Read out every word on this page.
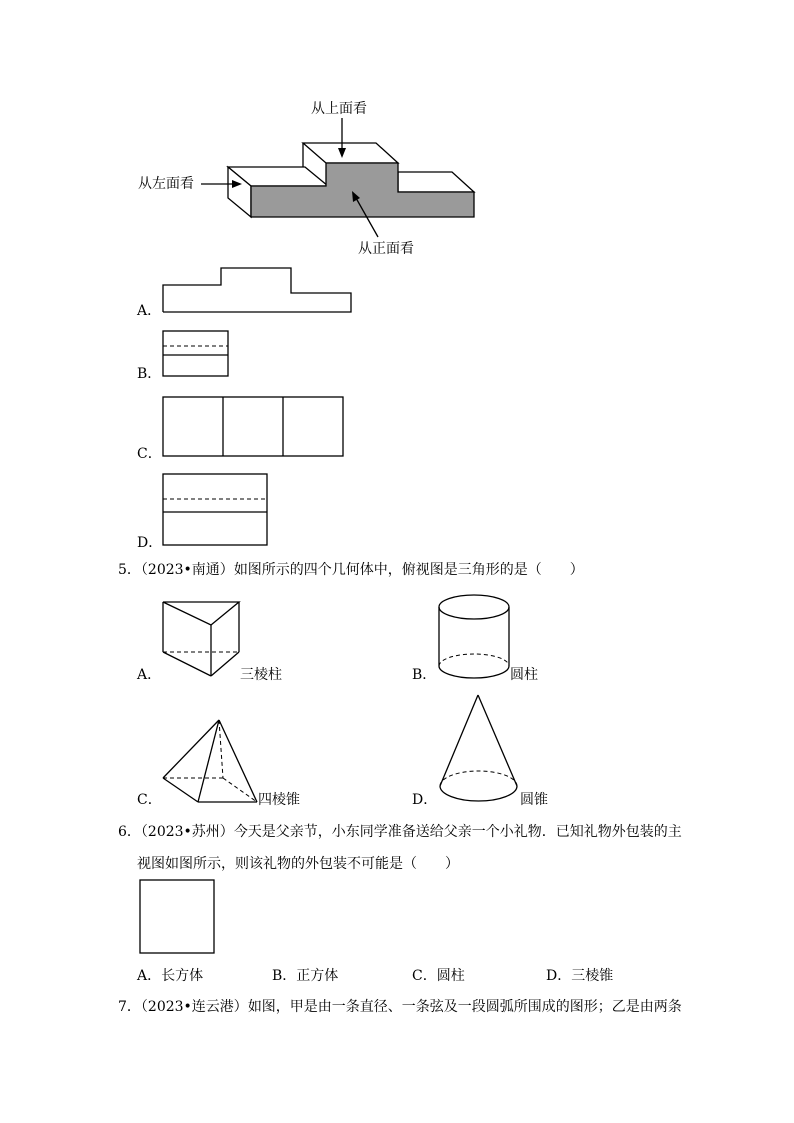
从上面看
从左面看
从正面看
A．
B．
C．
D．
5．（2023•南通）如图所示的四个几何体中，俯视图是三角形的是（　　）
A．	三棱柱	B．	圆柱
C．	四棱锥	D．	圆锥
6．（2023•苏州）今天是父亲节，小东同学准备送给父亲一个小礼物．已知礼物外包装的主
视图如图所示，则该礼物的外包装不可能是（　　）
A．长方体	B．正方体	C．圆柱	D．三棱锥
7．（2023•连云港）如图，甲是由一条直径、一条弦及一段圆弧所围成的图形；乙是由两条
